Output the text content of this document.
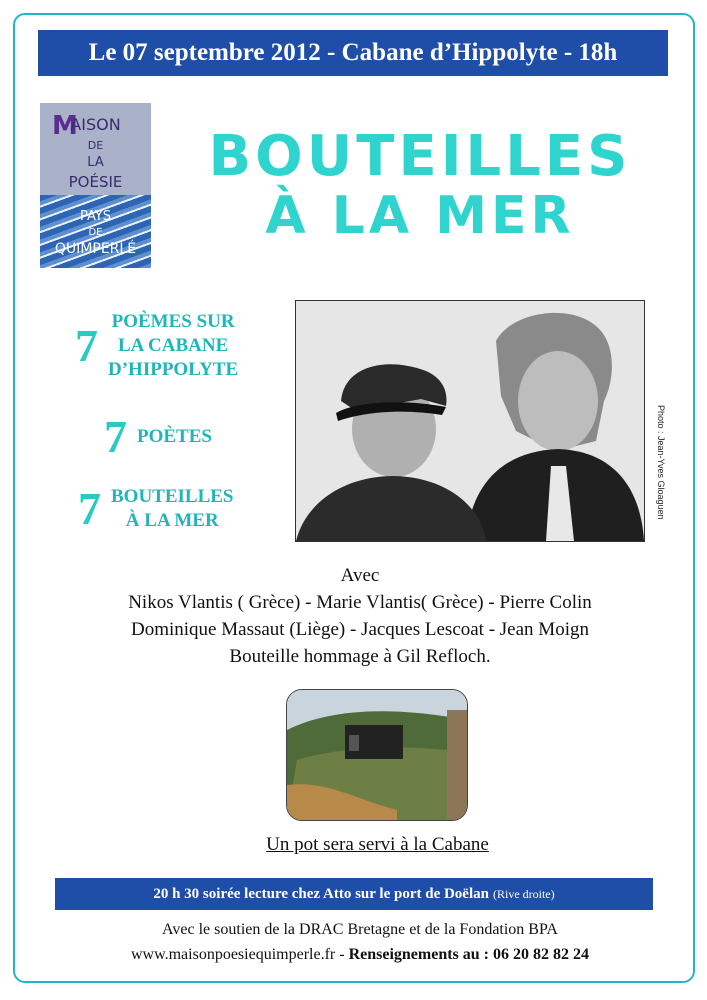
Le 07 septembre 2012 - Cabane d’Hippolyte - 18h
M
AISON
DE
LA
POÉSIE
PAYS
DE
QUIMPERLÉ
BOUTEILLES
À LA MER
7 POÈMES SUR
LA CABANE
D’HIPPOLYTE
7 POÈTES
7 BOUTEILLES
À LA MER
Photo : Jean-Yves Gloaguen
Avec
Nikos Vlantis ( Grèce) - Marie Vlantis( Grèce) - Pierre Colin
Dominique Massaut (Liège) - Jacques Lescoat - Jean Moign
Bouteille hommage à Gil Refloch.
Un pot sera servi à la Cabane
20 h 30 soirée lecture chez Atto sur le port de Doëlan (Rive droite)
Avec le soutien de la DRAC Bretagne et de la Fondation BPA
www.maisonpoesiequimperle.fr - Renseignements au : 06 20 82 82 24
